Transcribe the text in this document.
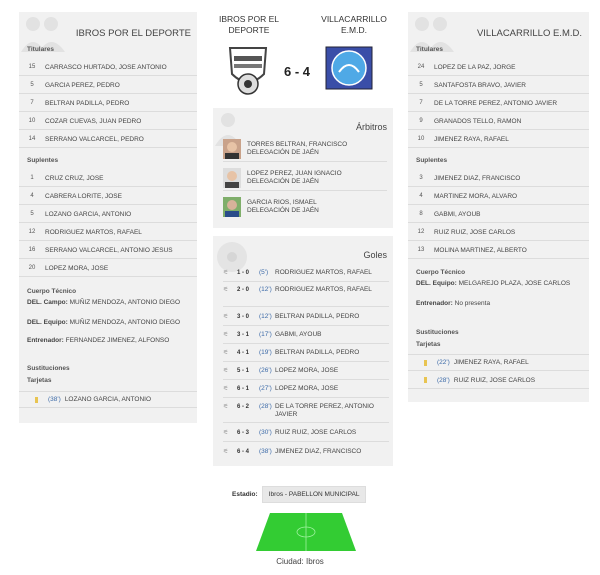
IBROS POR EL DEPORTE
Titulares
15	CARRASCO HURTADO, JOSE ANTONIO
5	GARCIA PEREZ, PEDRO
7	BELTRAN PADILLA, PEDRO
10	COZAR CUEVAS, JUAN PEDRO
14	SERRANO VALCARCEL, PEDRO
Suplentes
1	CRUZ CRUZ, JOSE
4	CABRERA LORITE, JOSE
5	LOZANO GARCIA, ANTONIO
12	RODRIGUEZ MARTOS, RAFAEL
16	SERRANO VALCARCEL, ANTONIO JESUS
20	LOPEZ MORA, JOSE
Cuerpo Técnico
DEL. Campo: MUÑIZ MENDOZA, ANTONIO DIEGO
DEL. Equipo: MUÑIZ MENDOZA, ANTONIO DIEGO
Entrenador: FERNANDEZ JIMENEZ, ALFONSO
Sustituciones
Tarjetas
(38') LOZANO GARCIA, ANTONIO
IBROS POR EL
DEPORTE
VILLACARRILLO
E.M.D.
6 - 4
Árbitros
TORRES BELTRAN, FRANCISCO
DELEGACIÓN DE JAÉN
LOPEZ PEREZ, JUAN IGNACIO
DELEGACIÓN DE JAÉN
GARCIA RIOS, ISMAEL
DELEGACIÓN DE JAÉN
Goles
⚟	1 - 0	(5')	RODRIGUEZ MARTOS, RAFAEL
⚟	2 - 0	(12') RODRIGUEZ MARTOS, RAFAEL
⚟	3 - 0	(12') BELTRAN PADILLA, PEDRO
⚟	3 - 1	(17') GABMI, AYOUB
⚟	4 - 1	(19') BELTRAN PADILLA, PEDRO
⚟	5 - 1	(26') LOPEZ MORA, JOSE
⚟	6 - 1	(27') LOPEZ MORA, JOSE
⚟	6 - 2	(28') DE LA TORRE PEREZ, ANTONIO JAVIER
⚟	6 - 3	(30') RUIZ RUIZ, JOSE CARLOS
⚟	6 - 4	(38') JIMENEZ DIAZ, FRANCISCO
VILLACARRILLO E.M.D.
Titulares
24	LOPEZ DE LA PAZ, JORGE
5	SANTAFOSTA BRAVO, JAVIER
7	DE LA TORRE PEREZ, ANTONIO JAVIER
9	GRANADOS TELLO, RAMON
10	JIMENEZ RAYA, RAFAEL
Suplentes
3	JIMENEZ DIAZ, FRANCISCO
4	MARTINEZ MORA, ALVARO
8	GABMI, AYOUB
12	RUIZ RUIZ, JOSE CARLOS
13	MOLINA MARTINEZ, ALBERTO
Cuerpo Técnico
DEL. Equipo: MELGAREJO PLAZA, JOSE CARLOS
Entrenador: No presenta
Sustituciones
Tarjetas
(22') JIMENEZ RAYA, RAFAEL
(28') RUIZ RUIZ, JOSE CARLOS
Estadio:	Ibros - PABELLON MUNICIPAL
Ciudad: Ibros
